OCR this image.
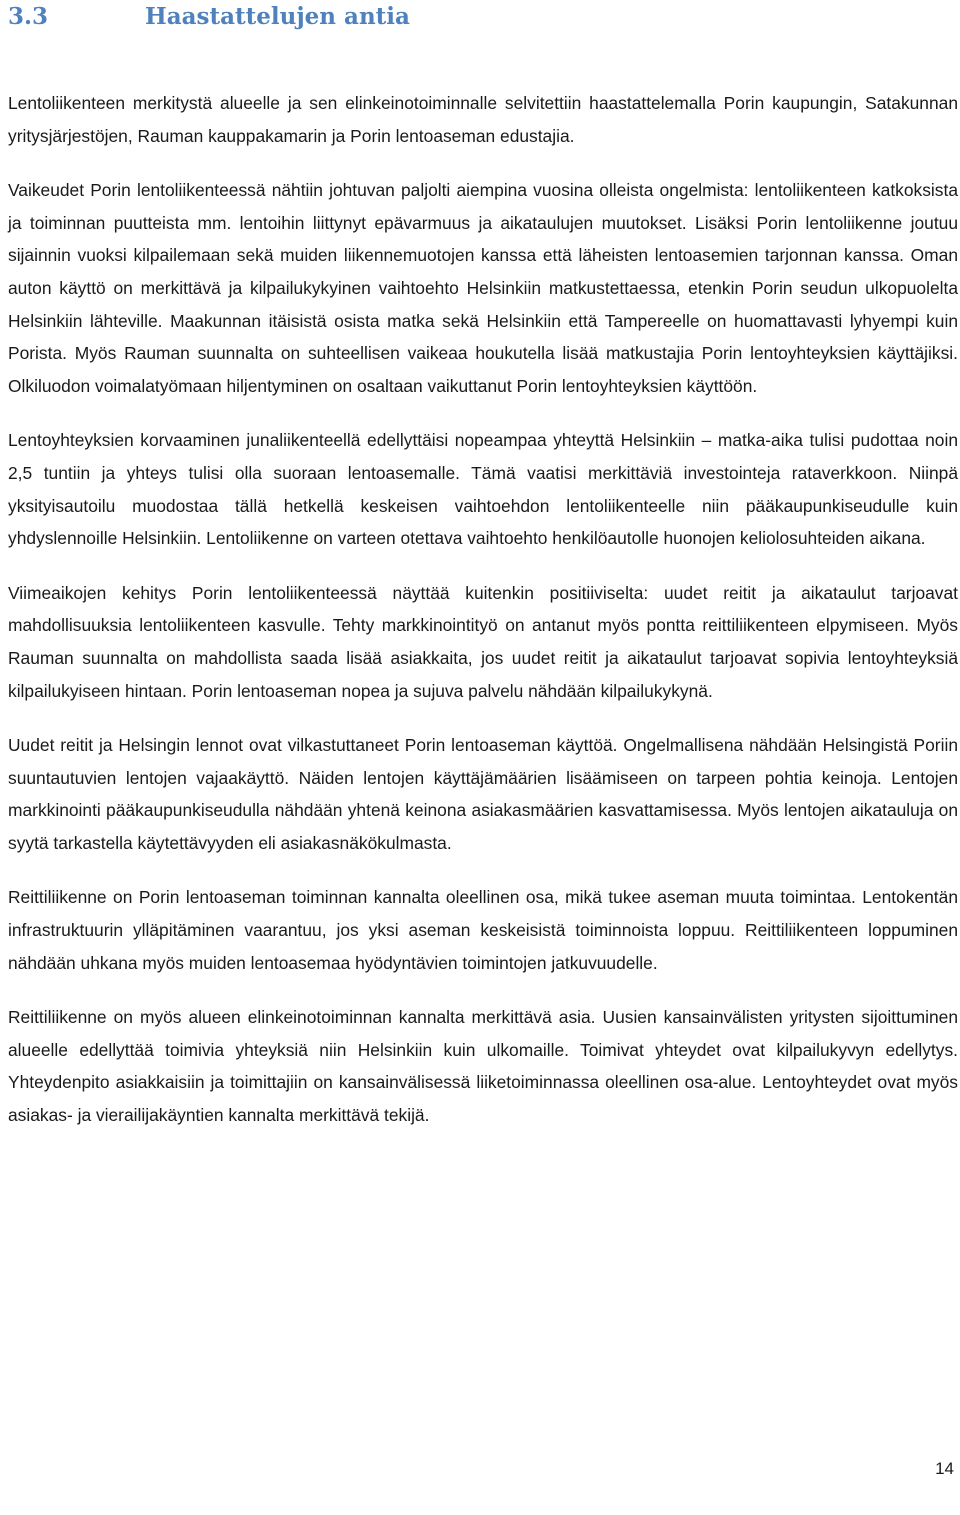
3.3	Haastattelujen antia

Lentoliikenteen merkitystä alueelle ja sen elinkeinotoiminnalle selvitettiin haastattelemalla Porin kaupungin, Satakunnan yritysjärjestöjen, Rauman kauppakamarin ja Porin lentoaseman edustajia.

Vaikeudet Porin lentoliikenteessä nähtiin johtuvan paljolti aiempina vuosina olleista ongelmista: lentoliikenteen katkoksista ja toiminnan puutteista mm. lentoihin liittynyt epävarmuus ja aikataulujen muutokset. Lisäksi Porin lentoliikenne joutuu sijainnin vuoksi kilpailemaan sekä muiden liikennemuotojen kanssa että läheisten lentoasemien tarjonnan kanssa. Oman auton käyttö on merkittävä ja kilpailukykyinen vaihtoehto Helsinkiin matkustettaessa, etenkin Porin seudun ulkopuolelta Helsinkiin lähteville. Maakunnan itäisistä osista matka sekä Helsinkiin että Tampereelle on huomattavasti lyhyempi kuin Porista. Myös Rauman suunnalta on suhteellisen vaikeaa houkutella lisää matkustajia Porin lentoyhteyksien käyttäjiksi. Olkiluodon voimalatyömaan hiljentyminen on osaltaan vaikuttanut Porin lentoyhteyksien käyttöön.

Lentoyhteyksien korvaaminen junaliikenteellä edellyttäisi nopeampaa yhteyttä Helsinkiin – matka-aika tulisi pudottaa noin 2,5 tuntiin ja yhteys tulisi olla suoraan lentoasemalle. Tämä vaatisi merkittäviä investointeja rataverkkoon. Niinpä yksityisautoilu muodostaa tällä hetkellä keskeisen vaihtoehdon lentoliikenteelle niin pääkaupunkiseudulle kuin yhdyslennoille Helsinkiin. Lentoliikenne on varteen otettava vaihtoehto henkilöautolle huonojen keliolosuhteiden aikana.

Viimeaikojen kehitys Porin lentoliikenteessä näyttää kuitenkin positiiviselta: uudet reitit ja aikataulut tarjoavat mahdollisuuksia lentoliikenteen kasvulle. Tehty markkinointityö on antanut myös pontta reittiliikenteen elpymiseen. Myös Rauman suunnalta on mahdollista saada lisää asiakkaita, jos uudet reitit ja aikataulut tarjoavat sopivia lentoyhteyksiä kilpailukyiseen hintaan. Porin lentoaseman nopea ja sujuva palvelu nähdään kilpailukykynä.

Uudet reitit ja Helsingin lennot ovat vilkastuttaneet Porin lentoaseman käyttöä. Ongelmallisena nähdään Helsingistä Poriin suuntautuvien lentojen vajaakäyttö. Näiden lentojen käyttäjämäärien lisäämiseen on tarpeen pohtia keinoja. Lentojen markkinointi pääkaupunkiseudulla nähdään yhtenä keinona asiakasmäärien kasvattamisessa. Myös lentojen aikatauluja on syytä tarkastella käytettävyyden eli asiakasnäkökulmasta.

Reittiliikenne on Porin lentoaseman toiminnan kannalta oleellinen osa, mikä tukee aseman muuta toimintaa. Lentokentän infrastruktuurin ylläpitäminen vaarantuu, jos yksi aseman keskeisistä toiminnoista loppuu. Reittiliikenteen loppuminen nähdään uhkana myös muiden lentoasemaa hyödyntävien toimintojen jatkuvuudelle.

Reittiliikenne on myös alueen elinkeinotoiminnan kannalta merkittävä asia. Uusien kansainvälisten yritysten sijoittuminen alueelle edellyttää toimivia yhteyksiä niin Helsinkiin kuin ulkomaille. Toimivat yhteydet ovat kilpailukyvyn edellytys. Yhteydenpito asiakkaisiin ja toimittajiin on kansainvälisessä liiketoiminnassa oleellinen osa-alue. Lentoyhteydet ovat myös asiakas- ja vierailijakäyntien kannalta merkittävä tekijä.

14
